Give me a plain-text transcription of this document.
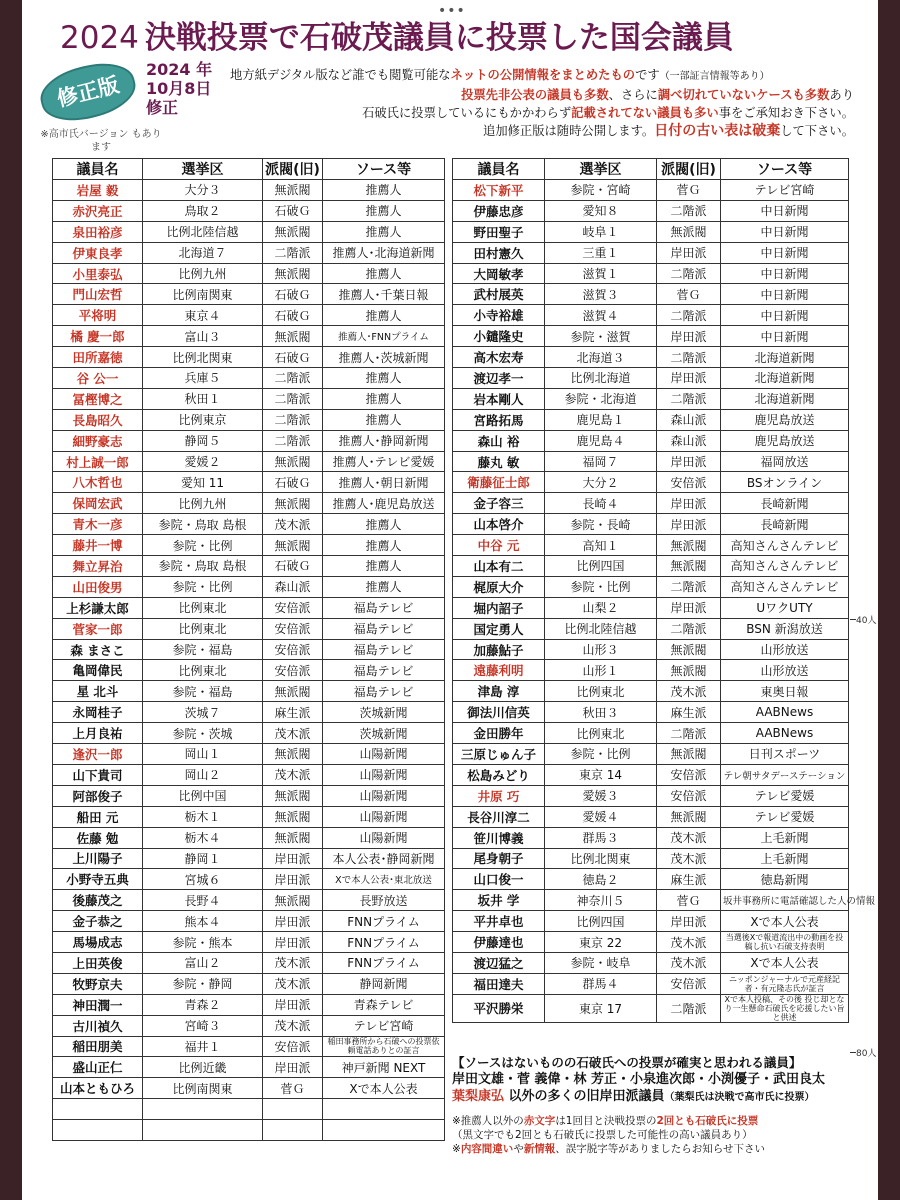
•••
2024 決戦投票で石破茂議員に投票した国会議員
修正版
2024 年
10月8日
修正
※高市氏バージョン もあります
地方紙デジタル版など誰でも閲覧可能なネットの公開情報をまとめたものです（一部証言情報等あり）
投票先非公表の議員も多数、さらに調べ切れていないケースも多数あり
石破氏に投票しているにもかかわらず記載されてない議員も多い事をご承知おき下さい。
追加修正版は随時公開します。日付の古い表は破棄して下さい。
議員名	選挙区	派閥(旧)	ソース等
岩屋 毅	大分３	無派閥	推薦人
赤沢亮正	鳥取２	石破Ｇ	推薦人
泉田裕彦	比例北陸信越	無派閥	推薦人
伊東良孝	北海道７	二階派	推薦人･北海道新聞
小里泰弘	比例九州	無派閥	推薦人
門山宏哲	比例南関東	石破Ｇ	推薦人･千葉日報
平将明	東京４	石破Ｇ	推薦人
橘 慶一郎	富山３	無派閥	推薦人･FNNプライム
田所嘉徳	比例北関東	石破Ｇ	推薦人･茨城新聞
谷 公一	兵庫５	二階派	推薦人
冨樫博之	秋田１	二階派	推薦人
長島昭久	比例東京	二階派	推薦人
細野豪志	静岡５	二階派	推薦人･静岡新聞
村上誠一郎	愛媛２	無派閥	推薦人･テレビ愛媛
八木哲也	愛知 11	石破Ｇ	推薦人･朝日新聞
保岡宏武	比例九州	無派閥	推薦人･鹿児島放送
青木一彦	参院・鳥取 島根	茂木派	推薦人
藤井一博	参院・比例	無派閥	推薦人
舞立昇治	参院・鳥取 島根	石破Ｇ	推薦人
山田俊男	参院・比例	森山派	推薦人
上杉謙太郎	比例東北	安倍派	福島テレビ
菅家一郎	比例東北	安倍派	福島テレビ
森 まさこ	参院・福島	安倍派	福島テレビ
亀岡偉民	比例東北	安倍派	福島テレビ
星 北斗	参院・福島	無派閥	福島テレビ
永岡桂子	茨城７	麻生派	茨城新聞
上月良祐	参院・茨城	茂木派	茨城新聞
逢沢一郎	岡山１	無派閥	山陽新聞
山下貴司	岡山２	茂木派	山陽新聞
阿部俊子	比例中国	無派閥	山陽新聞
船田 元	栃木１	無派閥	山陽新聞
佐藤 勉	栃木４	無派閥	山陽新聞
上川陽子	静岡１	岸田派	本人公表･静岡新聞
小野寺五典	宮城６	岸田派	Xで本人公表･東北放送
後藤茂之	長野４	無派閥	長野放送
金子恭之	熊本４	岸田派	FNNプライム
馬場成志	参院・熊本	岸田派	FNNプライム
上田英俊	富山２	茂木派	FNNプライム
牧野京夫	参院・静岡	茂木派	静岡新聞
神田潤一	青森２	岸田派	青森テレビ
古川禎久	宮崎３	茂木派	テレビ宮崎
稲田朋美	福井１	安倍派	稲田事務所から石破への投票依頼電話ありとの証言
盛山正仁	比例近畿	岸田派	神戸新聞 NEXT
山本ともひろ	比例南関東	菅Ｇ	Xで本人公表

議員名	選挙区	派閥(旧)	ソース等
松下新平	参院・宮崎	菅Ｇ	テレビ宮崎
伊藤忠彦	愛知８	二階派	中日新聞
野田聖子	岐阜１	無派閥	中日新聞
田村憲久	三重１	岸田派	中日新聞
大岡敏孝	滋賀１	二階派	中日新聞
武村展英	滋賀３	菅Ｇ	中日新聞
小寺裕雄	滋賀４	二階派	中日新聞
小鑓隆史	参院・滋賀	岸田派	中日新聞
高木宏寿	北海道３	二階派	北海道新聞
渡辺孝一	比例北海道	岸田派	北海道新聞
岩本剛人	参院・北海道	二階派	北海道新聞
宮路拓馬	鹿児島１	森山派	鹿児島放送
森山 裕	鹿児島４	森山派	鹿児島放送
藤丸 敏	福岡７	岸田派	福岡放送
衛藤征士郎	大分２	安倍派	BSオンライン
金子容三	長崎４	岸田派	長崎新聞
山本啓介	参院・長崎	岸田派	長崎新聞
中谷 元	高知１	無派閥	高知さんさんテレビ
山本有二	比例四国	無派閥	高知さんさんテレビ
梶原大介	参院・比例	二階派	高知さんさんテレビ
堀内詔子	山梨２	岸田派	UワクUTY
国定勇人	比例北陸信越	二階派	BSN 新潟放送
加藤鮎子	山形３	無派閥	山形放送
遠藤利明	山形１	無派閥	山形放送
津島 淳	比例東北	茂木派	東奥日報
御法川信英	秋田３	麻生派	AABNews
金田勝年	比例東北	二階派	AABNews
三原じゅん子	参院・比例	無派閥	日刊スポーツ
松島みどり	東京 14	安倍派	テレ朝サタデーステーション
井原 巧	愛媛３	安倍派	テレビ愛媛
長谷川淳二	愛媛４	無派閥	テレビ愛媛
笹川博義	群馬３	茂木派	上毛新聞
尾身朝子	比例北関東	茂木派	上毛新聞
山口俊一	徳島２	麻生派	徳島新聞
坂井 学	神奈川５	菅Ｇ	坂井事務所に電話確認した人の情報
平井卓也	比例四国	岸田派	Xで本人公表
伊藤達也	東京 22	茂木派	当選後Xで報道流出中の動画を投稿し抗い石破支持表明
渡辺猛之	参院・岐阜	茂木派	Xで本人公表
福田達夫	群馬４	安倍派	ニッポンジャーナルで元産経記者・有元隆志氏が証言
平沢勝栄	東京 17	二階派	Xで本人投稿、その後 投じ却となり一生懸命石破氏を応援したい旨と供述
40人
80人
【ソースはないものの石破氏への投票が確実と思われる議員】
岸田文雄・菅 義偉・林 芳正・小泉進次郎・小渕優子・武田良太
葉梨康弘 以外の多くの旧岸田派議員（葉梨氏は決戦で高市氏に投票）
※推薦人以外の赤文字は1回目と決戦投票の2回とも石破氏に投票
（黒文字でも2回とも石破氏に投票した可能性の高い議員あり）
※内容間違いや新情報、誤字脱字等がありましたらお知らせ下さい
